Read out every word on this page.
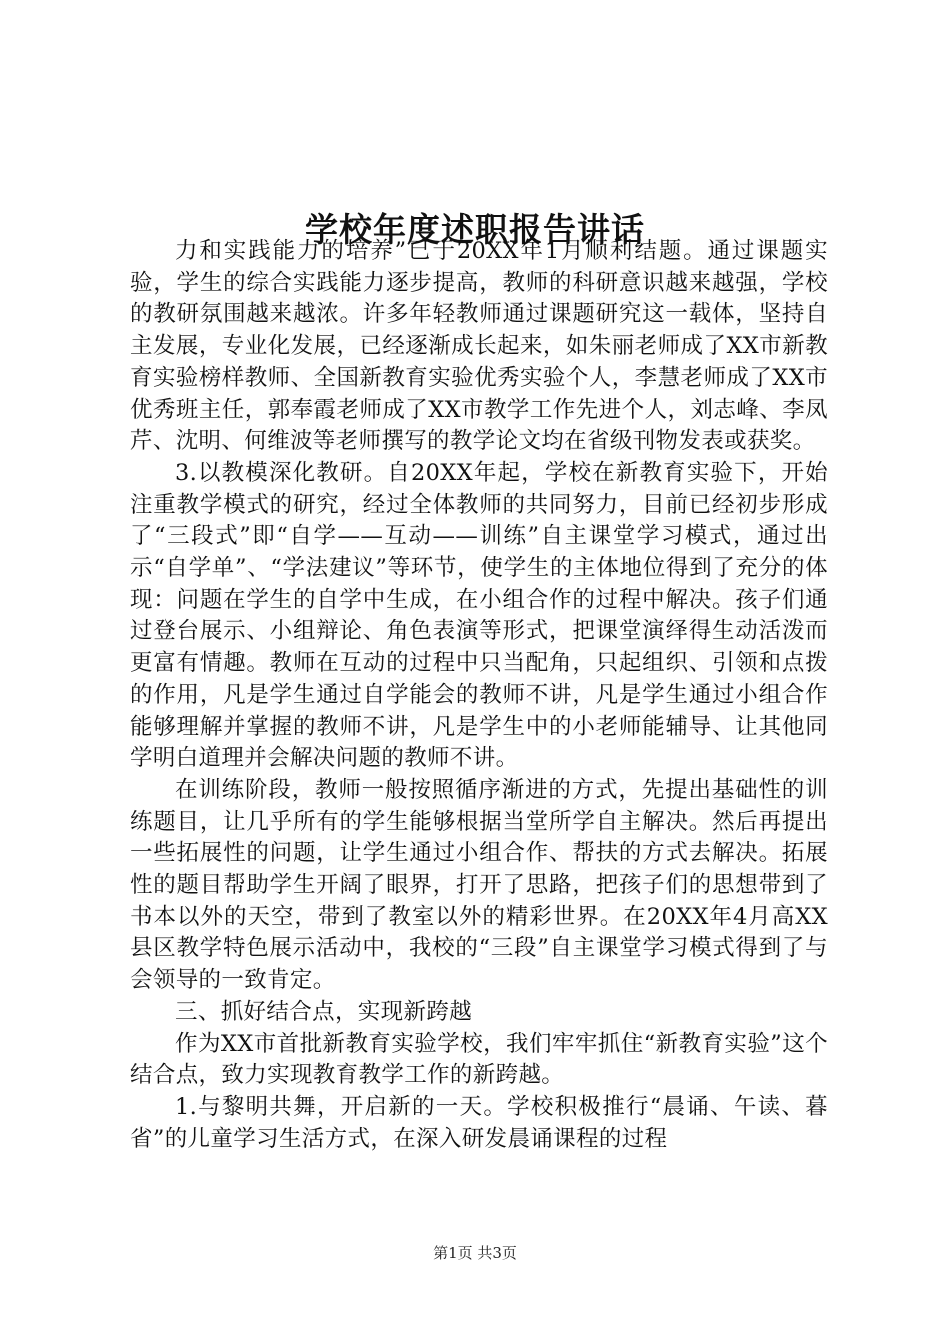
学校年度述职报告讲话

力和实践能力的培养”已于20XX年1月顺利结题。通过课题实验，学生的综合实践能力逐步提高，教师的科研意识越来越强，学校的教研氛围越来越浓。许多年轻教师通过课题研究这一载体，坚持自主发展，专业化发展，已经逐渐成长起来，如朱丽老师成了XX市新教育实验榜样教师、全国新教育实验优秀实验个人，李慧老师成了XX市优秀班主任，郭奉霞老师成了XX市教学工作先进个人，刘志峰、李凤芹、沈明、何维波等老师撰写的教学论文均在省级刊物发表或获奖。

3.以教模深化教研。自20XX年起，学校在新教育实验下，开始注重教学模式的研究，经过全体教师的共同努力，目前已经初步形成了“三段式”即“自学——互动——训练”自主课堂学习模式，通过出示“自学单”、“学法建议”等环节，使学生的主体地位得到了充分的体现：问题在学生的自学中生成，在小组合作的过程中解决。孩子们通过登台展示、小组辩论、角色表演等形式，把课堂演绎得生动活泼而更富有情趣。教师在互动的过程中只当配角，只起组织、引领和点拨的作用，凡是学生通过自学能会的教师不讲，凡是学生通过小组合作能够理解并掌握的教师不讲，凡是学生中的小老师能辅导、让其他同学明白道理并会解决问题的教师不讲。

在训练阶段，教师一般按照循序渐进的方式，先提出基础性的训练题目，让几乎所有的学生能够根据当堂所学自主解决。然后再提出一些拓展性的问题，让学生通过小组合作、帮扶的方式去解决。拓展性的题目帮助学生开阔了眼界，打开了思路，把孩子们的思想带到了书本以外的天空，带到了教室以外的精彩世界。在20XX年4月高XX县区教学特色展示活动中，我校的“三段”自主课堂学习模式得到了与会领导的一致肯定。

三、抓好结合点，实现新跨越

作为XX市首批新教育实验学校，我们牢牢抓住“新教育实验”这个结合点，致力实现教育教学工作的新跨越。

1.与黎明共舞，开启新的一天。学校积极推行“晨诵、午读、暮省”的儿童学习生活方式，在深入研发晨诵课程的过程

第1页 共3页
